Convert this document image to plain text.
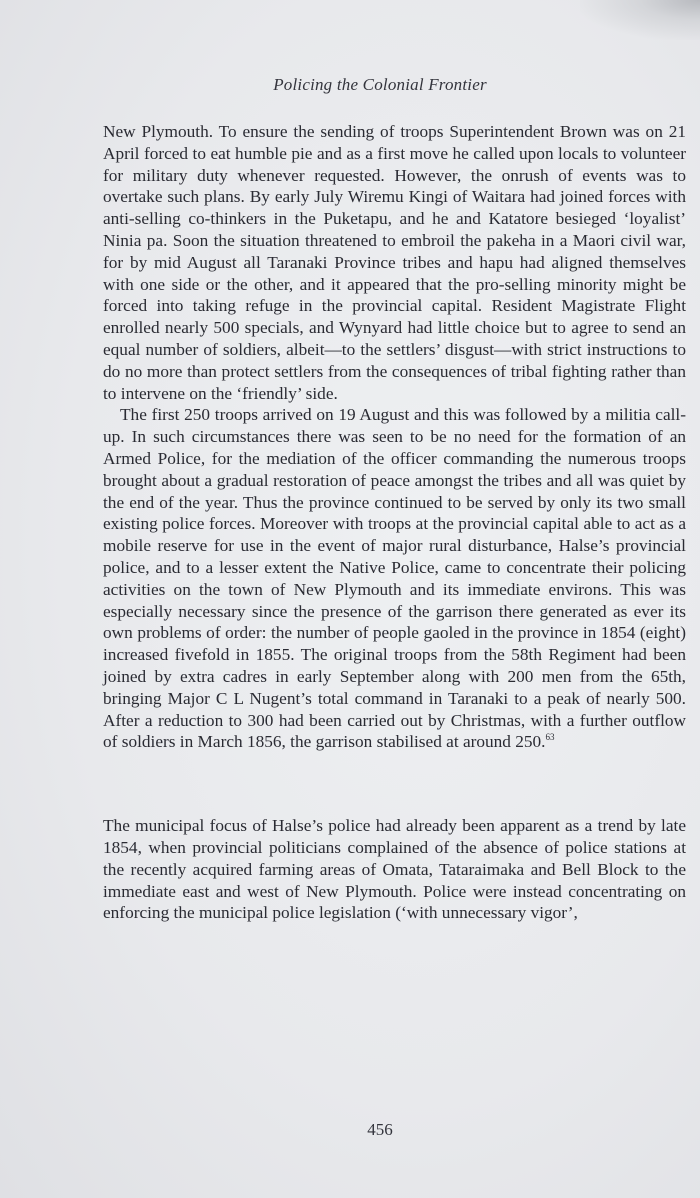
Policing the Colonial Frontier

New Plymouth. To ensure the sending of troops Superintendent Brown was on 21 April forced to eat humble pie and as a first move he called upon locals to volunteer for military duty whenever requested. However, the onrush of events was to overtake such plans. By early July Wiremu Kingi of Waitara had joined forces with anti-selling co-thinkers in the Puketapu, and he and Katatore besieged ‘loyalist’ Ninia pa. Soon the situation threatened to embroil the pakeha in a Maori civil war, for by mid August all Taranaki Province tribes and hapu had aligned themselves with one side or the other, and it appeared that the pro-selling minority might be forced into taking refuge in the provincial capital. Resident Magistrate Flight enrolled nearly 500 specials, and Wynyard had little choice but to agree to send an equal number of soldiers, albeit—to the settlers’ disgust—with strict instructions to do no more than protect settlers from the consequences of tribal fighting rather than to intervene on the ‘friendly’ side.

The first 250 troops arrived on 19 August and this was followed by a militia call-up. In such circumstances there was seen to be no need for the formation of an Armed Police, for the mediation of the officer commanding the numerous troops brought about a gradual restoration of peace amongst the tribes and all was quiet by the end of the year. Thus the province continued to be served by only its two small existing police forces. Moreover with troops at the provincial capital able to act as a mobile reserve for use in the event of major rural disturbance, Halse’s provincial police, and to a lesser extent the Native Police, came to concentrate their policing activities on the town of New Plymouth and its immediate environs. This was especially necessary since the presence of the garrison there generated as ever its own problems of order: the number of people gaoled in the province in 1854 (eight) increased fivefold in 1855. The original troops from the 58th Regiment had been joined by extra cadres in early September along with 200 men from the 65th, bringing Major C L Nugent’s total command in Taranaki to a peak of nearly 500. After a reduction to 300 had been carried out by Christmas, with a further outflow of soldiers in March 1856, the garrison stabilised at around 250.63

The municipal focus of Halse’s police had already been apparent as a trend by late 1854, when provincial politicians complained of the absence of police stations at the recently acquired farming areas of Omata, Tataraimaka and Bell Block to the immediate east and west of New Plymouth. Police were instead concentrating on enforcing the municipal police legislation (‘with unnecessary vigor’,

456
